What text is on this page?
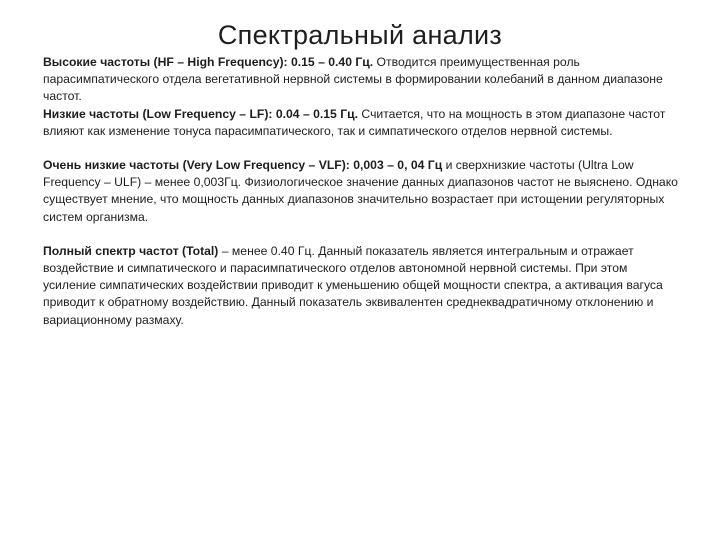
Спектральный анализ

Высокие частоты (HF – High Frequency): 0.15 – 0.40 Гц. Отводится преимущественная роль парасимпатического отдела вегетативной нервной системы в формировании колебаний в данном диапазоне частот.

Низкие частоты (Low Frequency – LF): 0.04 – 0.15 Гц. Считается, что на мощность в этом диапазоне частот влияют как изменение тонуса парасимпатического, так и симпатического отделов нервной системы.

Очень низкие частоты (Very Low Frequency – VLF): 0,003 – 0, 04 Гц и сверхнизкие частоты (Ultra Low Frequency – ULF) – менее 0,003Гц. Физиологическое значение данных диапазонов частот не выяснено. Однако существует мнение, что мощность данных диапазонов значительно возрастает при истощении регуляторных систем организма.

Полный спектр частот (Total) – менее 0.40 Гц. Данный показатель является интегральным и отражает воздействие и симпатического и парасимпатического отделов автономной нервной системы. При этом усиление симпатических воздействии приводит к уменьшению общей мощности спектра, а активация вагуса приводит к обратному воздействию. Данный показатель эквивалентен среднеквадратичному отклонению и вариационному размаху.
